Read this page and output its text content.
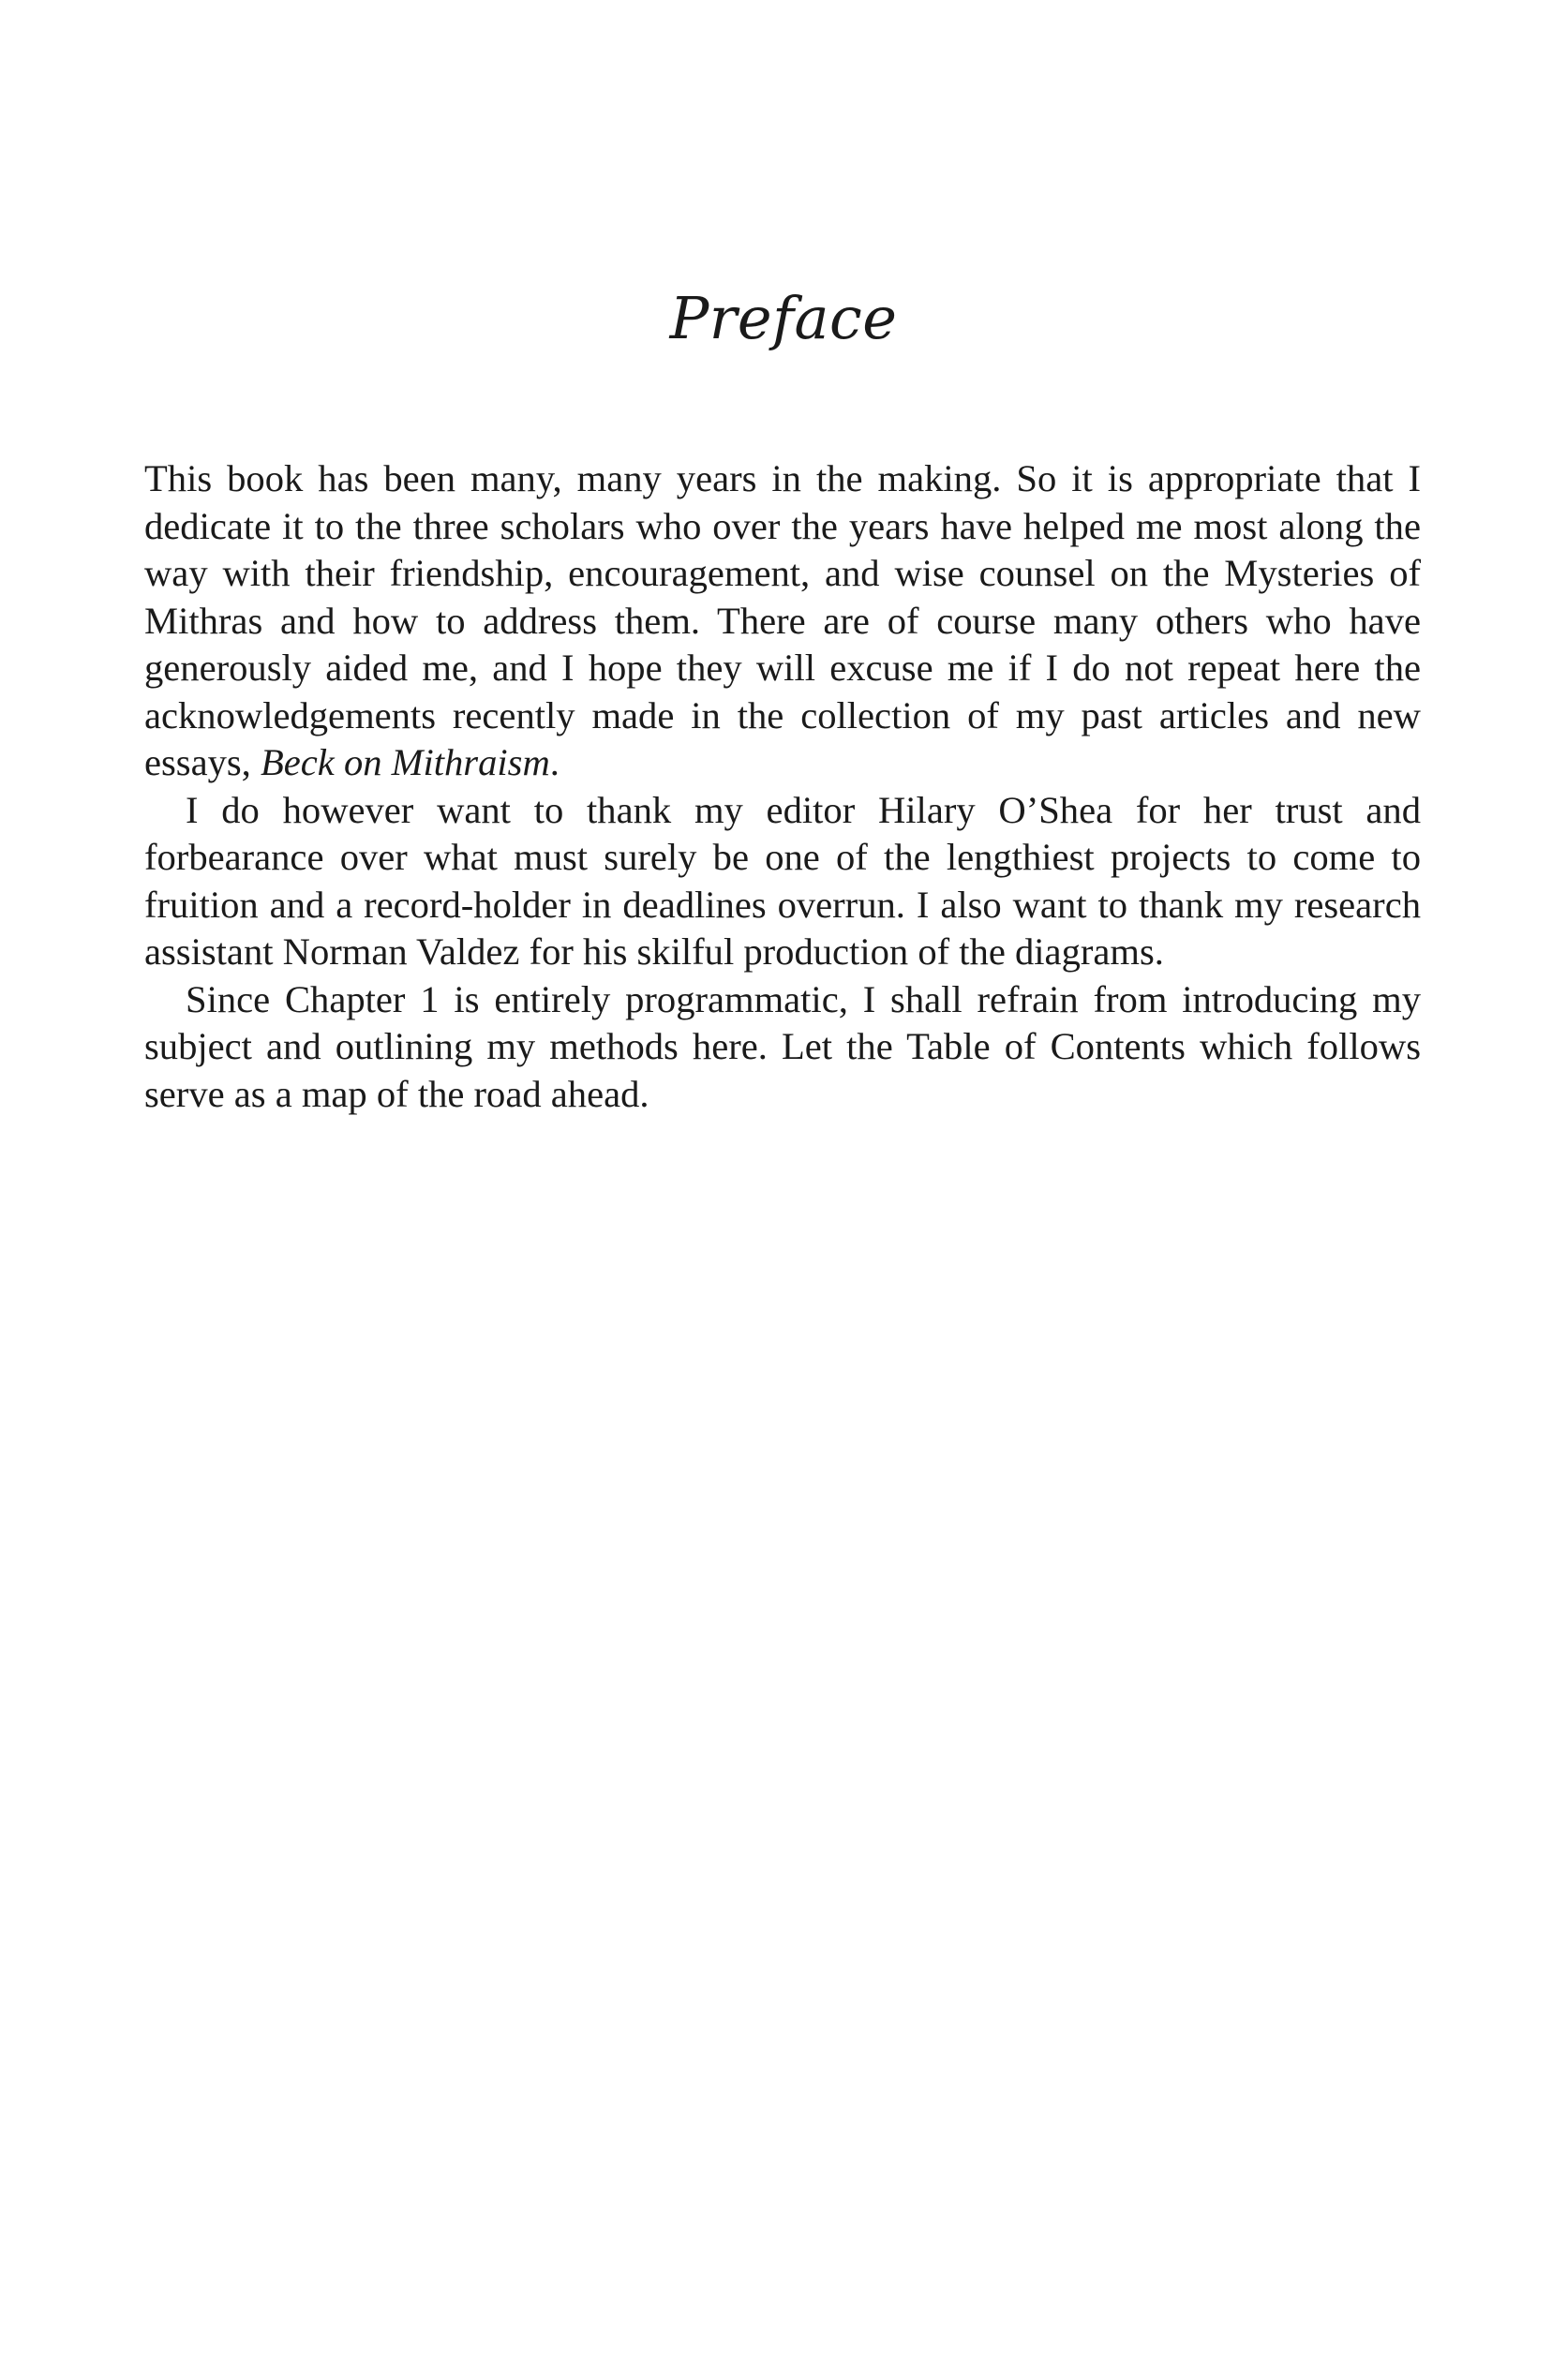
Preface

This book has been many, many years in the making. So it is appropriate that I dedicate it to the three scholars who over the years have helped me most along the way with their friendship, encouragement, and wise counsel on the Mysteries of Mithras and how to address them. There are of course many others who have generously aided me, and I hope they will excuse me if I do not repeat here the acknowledgements recently made in the collection of my past articles and new essays, Beck on Mithraism.

I do however want to thank my editor Hilary O’Shea for her trust and forbearance over what must surely be one of the lengthiest projects to come to fruition and a record-holder in deadlines overrun. I also want to thank my research assistant Norman Valdez for his skilful production of the diagrams.

Since Chapter 1 is entirely programmatic, I shall refrain from introducing my subject and outlining my methods here. Let the Table of Contents which follows serve as a map of the road ahead.
